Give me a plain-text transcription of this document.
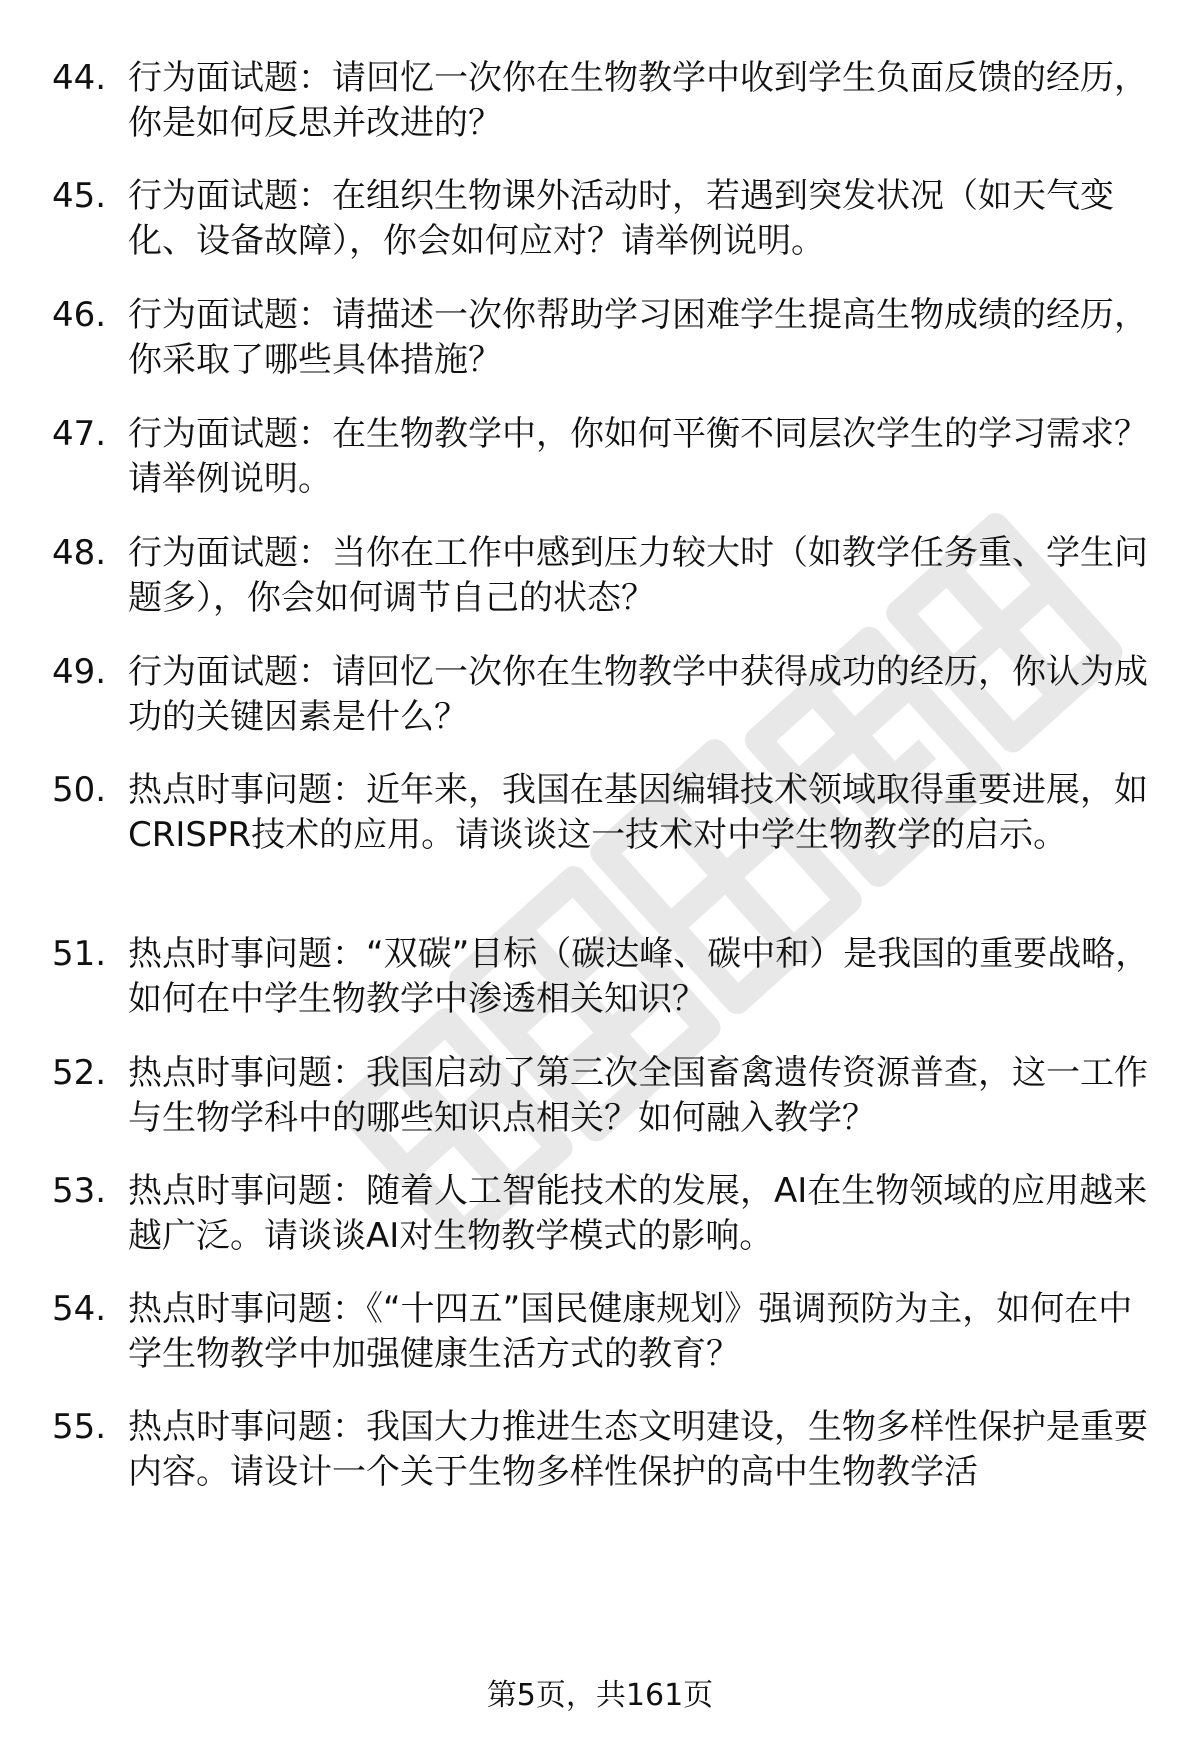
44. 行为面试题：请回忆一次你在生物教学中收到学生负面反馈的经历，你是如何反思并改进的？
45. 行为面试题：在组织生物课外活动时，若遇到突发状况（如天气变化、设备故障），你会如何应对？请举例说明。
46. 行为面试题：请描述一次你帮助学习困难学生提高生物成绩的经历，你采取了哪些具体措施？
47. 行为面试题：在生物教学中，你如何平衡不同层次学生的学习需求？请举例说明。
48. 行为面试题：当你在工作中感到压力较大时（如教学任务重、学生问题多），你会如何调节自己的状态？
49. 行为面试题：请回忆一次你在生物教学中获得成功的经历，你认为成功的关键因素是什么？
50. 热点时事问题：近年来，我国在基因编辑技术领域取得重要进展，如CRISPR技术的应用。请谈谈这一技术对中学生物教学的启示。
51. 热点时事问题：“双碳”目标（碳达峰、碳中和）是我国的重要战略，如何在中学生物教学中渗透相关知识？
52. 热点时事问题：我国启动了第三次全国畜禽遗传资源普查，这一工作与生物学科中的哪些知识点相关？如何融入教学？
53. 热点时事问题：随着人工智能技术的发展，AI在生物领域的应用越来越广泛。请谈谈AI对生物教学模式的影响。
54. 热点时事问题：《“十四五”国民健康规划》强调预防为主，如何在中学生物教学中加强健康生活方式的教育？
55. 热点时事问题：我国大力推进生态文明建设，生物多样性保护是重要内容。请设计一个关于生物多样性保护的高中生物教学活
第5页，共161页
